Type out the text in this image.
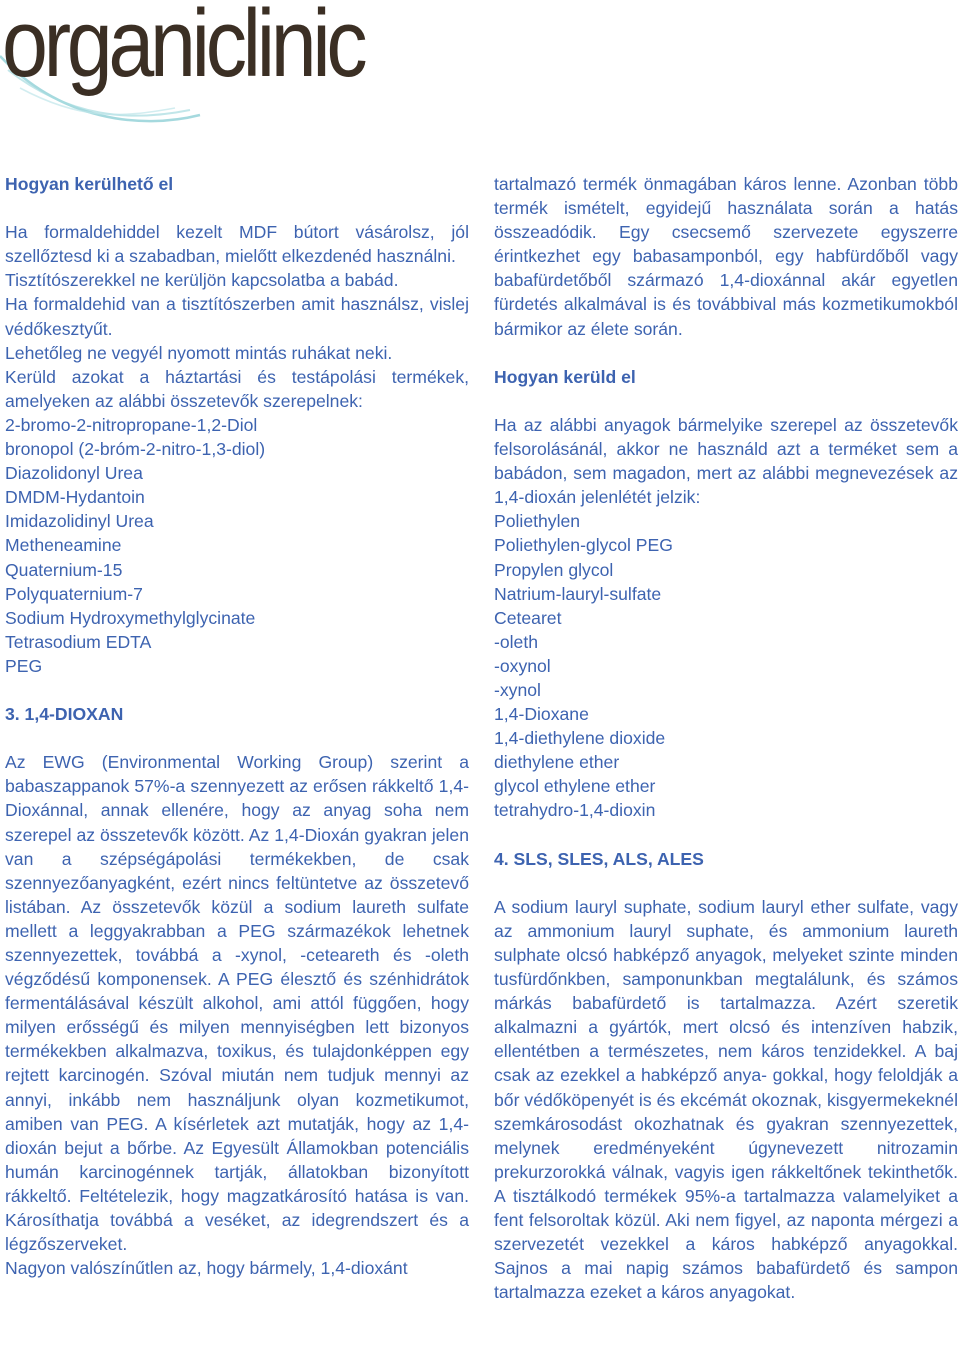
organiclinic
Hogyan kerülhető el

Ha formaldehiddel kezelt MDF bútort vásárolsz, jól szellőztesd ki a szabadban, mielőtt elkezdenéd használni.

Tisztítószerekkel ne kerüljön kapcsolatba a babád.

Ha formaldehid van a tisztítószerben amit használsz, vislej védőkesztyűt.

Lehetőleg ne vegyél nyomott mintás ruhákat neki.

Kerüld azokat a háztartási és testápolási termékek, amelyeken az alábbi összetevők szerepelnek:

2-bromo-2-nitropropane-1,2-Diol
bronopol (2-bróm-2-nitro-1,3-diol)
Diazolidonyl Urea
DMDM-Hydantoin
Imidazolidinyl Urea
Metheneamine
Quaternium-15
Polyquaternium-7
Sodium Hydroxymethylglycinate
Tetrasodium EDTA
PEG
3. 1,4-DIOXAN

Az EWG (Environmental Working Group) szerint a babaszappanok 57%-a szennyezett az erősen rákkeltő 1,4-Dioxánnal, annak ellenére, hogy az anyag soha nem szerepel az összetevők között. Az 1,4-Dioxán gyakran jelen van a szépségápolási termékekben, de csak szennyezőanyagként, ezért nincs feltüntetve az összetevő listában. Az összetevők közül a sodium laureth sulfate mellett a leggyakrabban a PEG származékok lehetnek szennyezettek, továbbá a -xynol, -ceteareth és -oleth végződésű komponensek. A PEG élesztő és szénhidrátok fermentálásával készült alkohol, ami attól függően, hogy milyen erősségű és milyen mennyiségben lett bizonyos termékekben alkalmazva, toxikus, és tulajdonképpen egy rejtett karcinogén. Szóval miután nem tudjuk mennyi az annyi, inkább nem használjunk olyan kozmetikumot, amiben van PEG. A kísérletek azt mutatják, hogy az 1,4-dioxán bejut a bőrbe. Az Egyesült Államokban potenciális humán karcinogénnek tartják, állatokban bizonyított rákkeltő. Feltételezik, hogy magzatkárosító hatása is van. Károsíthatja továbbá a veséket, az idegrendszert és a légzőszerveket.

Nagyon valószínűtlen az, hogy bármely, 1,4-dioxánt

tartalmazó termék önmagában káros lenne. Azonban több termék ismételt, egyidejű használata során a hatás összeadódik. Egy csecsemő szervezete egyszerre érintkezhet egy babasamponból, egy habfürdőből vagy babafürdetőből származó 1,4-dioxánnal akár egyetlen fürdetés alkalmával is és továbbival más kozmetikumokból bármikor az élete során.

Hogyan kerüld el

Ha az alábbi anyagok bármelyike szerepel az összetevők felsorolásánál, akkor ne használd azt a terméket sem a babádon, sem magadon, mert az alábbi megnevezések az 1,4-dioxán jelenlétét jelzik:

Poliethylen
Poliethylen-glycol PEG
Propylen glycol
Natrium-lauryl-sulfate
Cetearet
-oleth
-oxynol
-xynol
1,4-Dioxane
1,4-diethylene dioxide
diethylene ether
glycol ethylene ether
tetrahydro-1,4-dioxin
4. SLS, SLES, ALS, ALES

A sodium lauryl suphate, sodium lauryl ether sulfate, vagy az ammonium lauryl suphate, és ammonium laureth sulphate olcsó habképző anyagok, melyeket szinte minden tusfürdőnkben, samponunkban megtalálunk, és számos márkás babafürdető is tartalmazza. Azért szeretik alkalmazni a gyártók, mert olcsó és intenzíven habzik, ellentétben a természetes, nem káros tenzidekkel. A baj csak az ezekkel a habképző anya- gokkal, hogy feloldják a bőr védőköpenyét is és ekcémát okoznak, kisgyermekeknél szemkárosodást okozhatnak és gyakran szennyezettek, melynek eredményeként úgynevezett nitrozamin prekurzorokká válnak, vagyis igen rákkeltőnek tekinthetők. A tisztálkodó termékek 95%-a tartalmazza valamelyiket a fent felsoroltak közül. Aki nem figyel, az naponta mérgezi a szervezetét vezekkel a káros habképző anyagokkal. Sajnos a mai napig számos babafürdető és sampon tartalmazza ezeket a káros anyagokat.
